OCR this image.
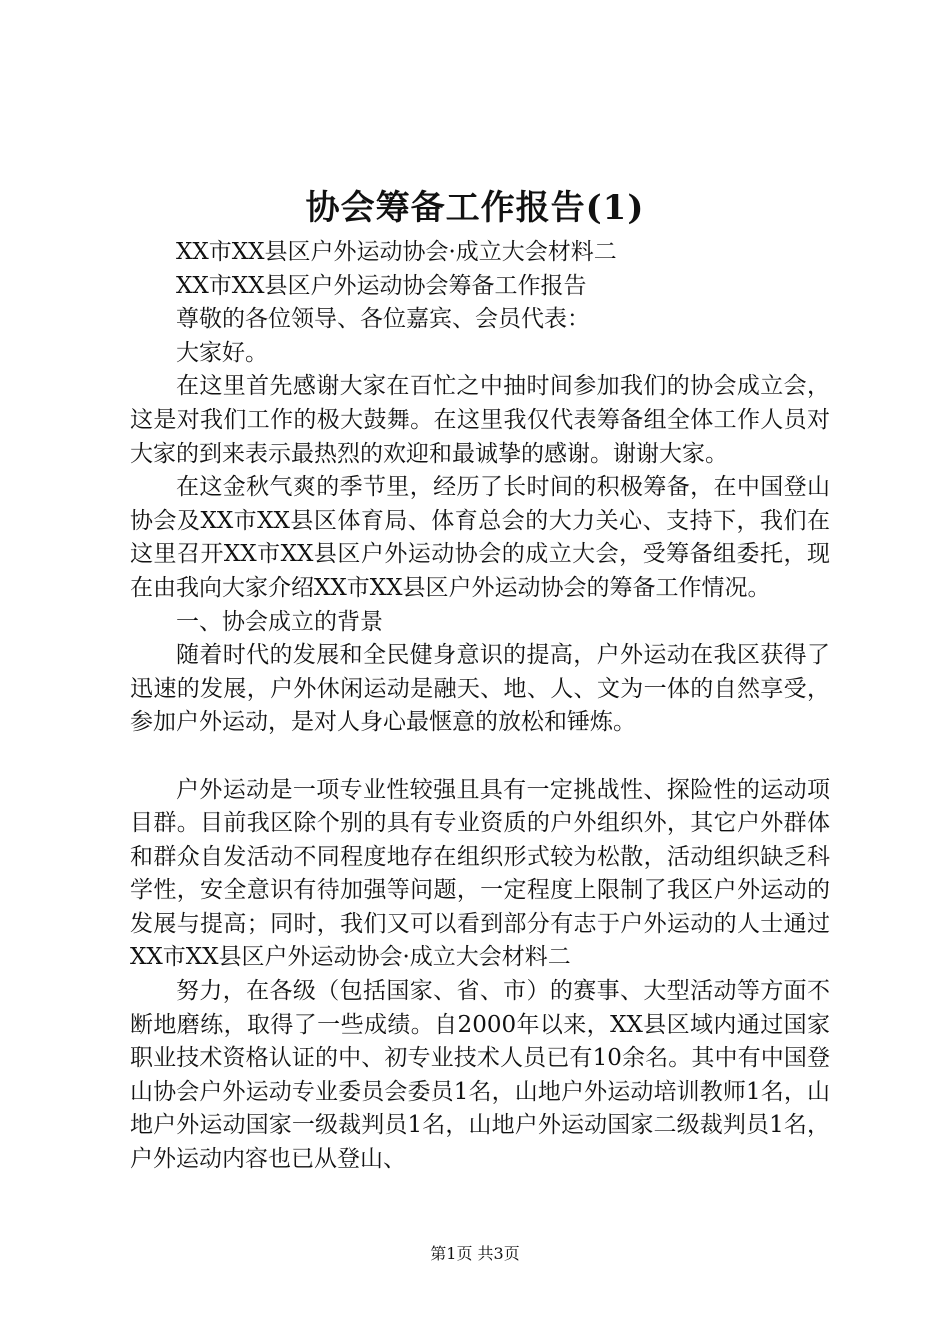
协会筹备工作报告(1)

XX市XX县区户外运动协会·成立大会材料二

XX市XX县区户外运动协会筹备工作报告

尊敬的各位领导、各位嘉宾、会员代表：

大家好。

在这里首先感谢大家在百忙之中抽时间参加我们的协会成立会，这是对我们工作的极大鼓舞。在这里我仅代表筹备组全体工作人员对大家的到来表示最热烈的欢迎和最诚挚的感谢。谢谢大家。

在这金秋气爽的季节里，经历了长时间的积极筹备，在中国登山协会及XX市XX县区体育局、体育总会的大力关心、支持下，我们在这里召开XX市XX县区户外运动协会的成立大会，受筹备组委托，现在由我向大家介绍XX市XX县区户外运动协会的筹备工作情况。

一、协会成立的背景

随着时代的发展和全民健身意识的提高，户外运动在我区获得了迅速的发展，户外休闲运动是融天、地、人、文为一体的自然享受，参加户外运动，是对人身心最惬意的放松和锤炼。

户外运动是一项专业性较强且具有一定挑战性、探险性的运动项目群。目前我区除个别的具有专业资质的户外组织外，其它户外群体和群众自发活动不同程度地存在组织形式较为松散，活动组织缺乏科学性，安全意识有待加强等问题，一定程度上限制了我区户外运动的发展与提高；同时，我们又可以看到部分有志于户外运动的人士通过XX市XX县区户外运动协会·成立大会材料二

努力，在各级（包括国家、省、市）的赛事、大型活动等方面不断地磨练，取得了一些成绩。自2000年以来，XX县区域内通过国家职业技术资格认证的中、初专业技术人员已有10余名。其中有中国登山协会户外运动专业委员会委员1名，山地户外运动培训教师1名，山地户外运动国家一级裁判员1名，山地户外运动国家二级裁判员1名，户外运动内容也已从登山、

第1页 共3页
